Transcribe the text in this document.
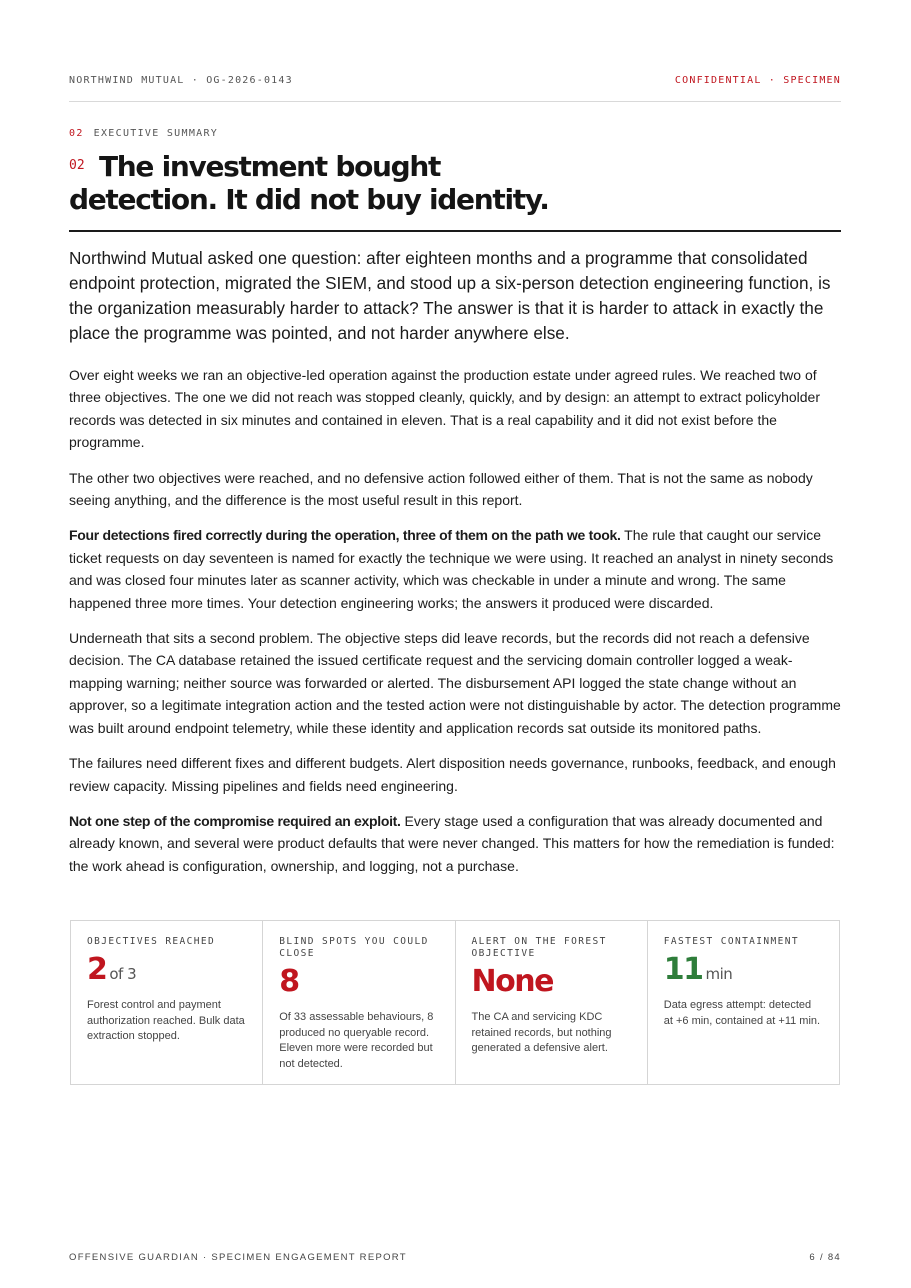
NORTHWIND MUTUAL · OG-2026-0143	CONFIDENTIAL · SPECIMEN
02 EXECUTIVE SUMMARY
02 The investment bought detection. It did not buy identity.

Northwind Mutual asked one question: after eighteen months and a programme that consolidated endpoint protection, migrated the SIEM, and stood up a six-person detection engineering function, is the organization measurably harder to attack? The answer is that it is harder to attack in exactly the place the programme was pointed, and not harder anywhere else.

Over eight weeks we ran an objective-led operation against the production estate under agreed rules. We reached two of three objectives. The one we did not reach was stopped cleanly, quickly, and by design: an attempt to extract policyholder records was detected in six minutes and contained in eleven. That is a real capability and it did not exist before the programme.

The other two objectives were reached, and no defensive action followed either of them. That is not the same as nobody seeing anything, and the difference is the most useful result in this report.

Four detections fired correctly during the operation, three of them on the path we took. The rule that caught our service ticket requests on day seventeen is named for exactly the technique we were using. It reached an analyst in ninety seconds and was closed four minutes later as scanner activity, which was checkable in under a minute and wrong. The same happened three more times. Your detection engineering works; the answers it produced were discarded.

Underneath that sits a second problem. The objective steps did leave records, but the records did not reach a defensive decision. The CA database retained the issued certificate request and the servicing domain controller logged a weak-mapping warning; neither source was forwarded or alerted. The disbursement API logged the state change without an approver, so a legitimate integration action and the tested action were not distinguishable by actor. The detection programme was built around endpoint telemetry, while these identity and application records sat outside its monitored paths.

The failures need different fixes and different budgets. Alert disposition needs governance, runbooks, feedback, and enough review capacity. Missing pipelines and fields need engineering.

Not one step of the compromise required an exploit. Every stage used a configuration that was already documented and already known, and several were product defaults that were never changed. This matters for how the remediation is funded: the work ahead is configuration, ownership, and logging, not a purchase.

OBJECTIVES REACHED
2 of 3
Forest control and payment authorization reached. Bulk data extraction stopped.
BLIND SPOTS YOU COULD CLOSE
8
Of 33 assessable behaviours, 8 produced no queryable record. Eleven more were recorded but not detected.
ALERT ON THE FOREST OBJECTIVE
None
The CA and servicing KDC retained records, but nothing generated a defensive alert.
FASTEST CONTAINMENT
11 min
Data egress attempt: detected at +6 min, contained at +11 min.
OFFENSIVE GUARDIAN · SPECIMEN ENGAGEMENT REPORT	6 / 84
